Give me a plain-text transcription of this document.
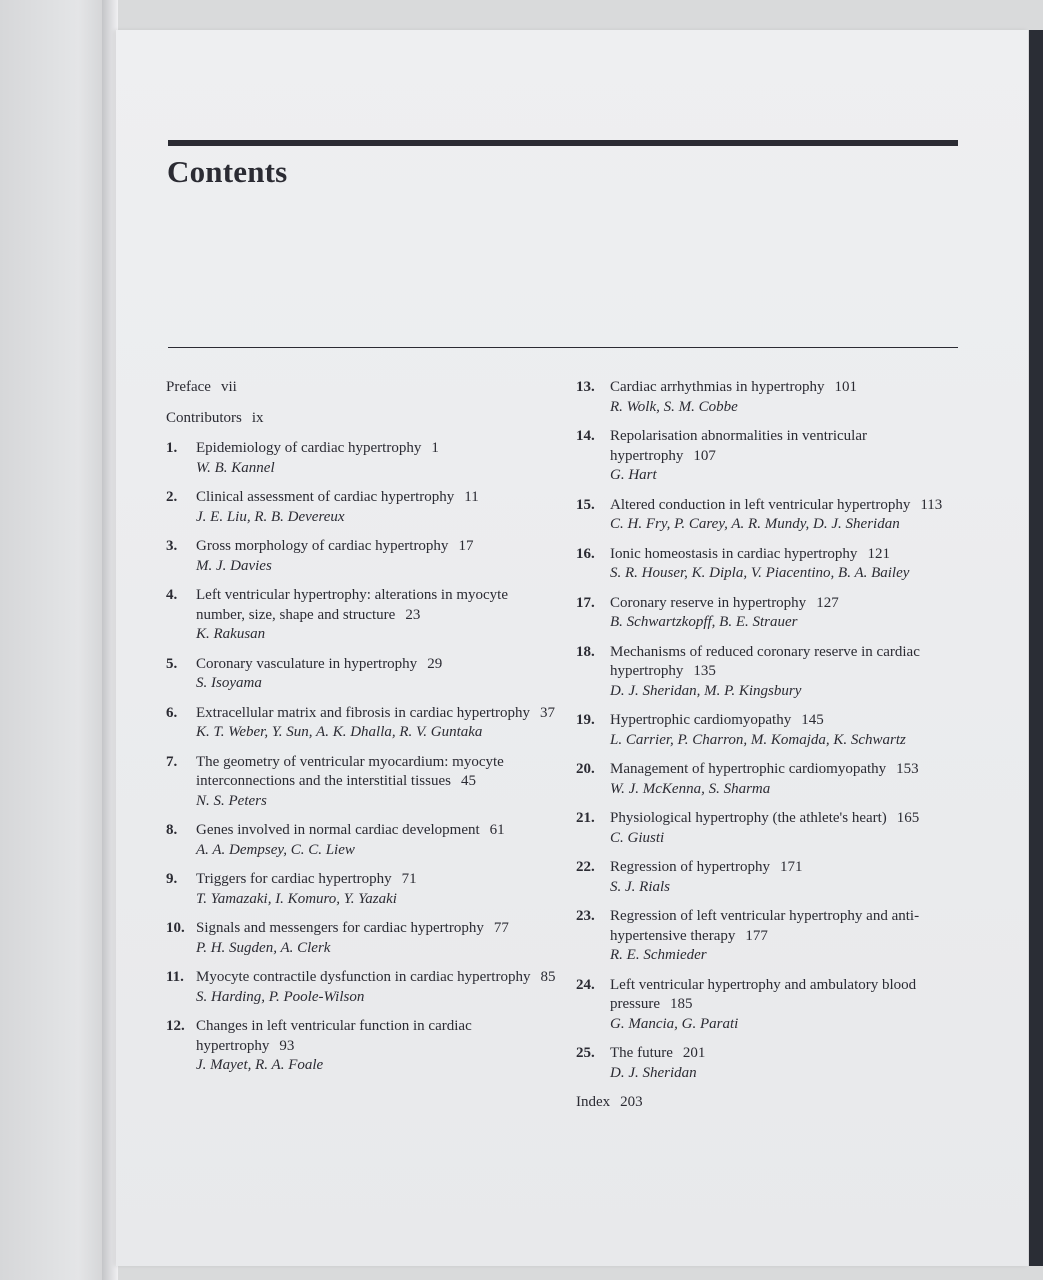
Contents
Preface vii
Contributors ix
1. Epidemiology of cardiac hypertrophy 1
W. B. Kannel
2. Clinical assessment of cardiac hypertrophy 11
J. E. Liu, R. B. Devereux
3. Gross morphology of cardiac hypertrophy 17
M. J. Davies
4. Left ventricular hypertrophy: alterations in myocyte number, size, shape and structure 23
K. Rakusan
5. Coronary vasculature in hypertrophy 29
S. Isoyama
6. Extracellular matrix and fibrosis in cardiac hypertrophy 37
K. T. Weber, Y. Sun, A. K. Dhalla, R. V. Guntaka
7. The geometry of ventricular myocardium: myocyte interconnections and the interstitial tissues 45
N. S. Peters
8. Genes involved in normal cardiac development 61
A. A. Dempsey, C. C. Liew
9. Triggers for cardiac hypertrophy 71
T. Yamazaki, I. Komuro, Y. Yazaki
10. Signals and messengers for cardiac hypertrophy 77
P. H. Sugden, A. Clerk
11. Myocyte contractile dysfunction in cardiac hypertrophy 85
S. Harding, P. Poole-Wilson
12. Changes in left ventricular function in cardiac hypertrophy 93
J. Mayet, R. A. Foale
13. Cardiac arrhythmias in hypertrophy 101
R. Wolk, S. M. Cobbe
14. Repolarisation abnormalities in ventricular hypertrophy 107
G. Hart
15. Altered conduction in left ventricular hypertrophy 113
C. H. Fry, P. Carey, A. R. Mundy, D. J. Sheridan
16. Ionic homeostasis in cardiac hypertrophy 121
S. R. Houser, K. Dipla, V. Piacentino, B. A. Bailey
17. Coronary reserve in hypertrophy 127
B. Schwartzkopff, B. E. Strauer
18. Mechanisms of reduced coronary reserve in cardiac hypertrophy 135
D. J. Sheridan, M. P. Kingsbury
19. Hypertrophic cardiomyopathy 145
L. Carrier, P. Charron, M. Komajda, K. Schwartz
20. Management of hypertrophic cardiomyopathy 153
W. J. McKenna, S. Sharma
21. Physiological hypertrophy (the athlete's heart) 165
C. Giusti
22. Regression of hypertrophy 171
S. J. Rials
23. Regression of left ventricular hypertrophy and anti-hypertensive therapy 177
R. E. Schmieder
24. Left ventricular hypertrophy and ambulatory blood pressure 185
G. Mancia, G. Parati
25. The future 201
D. J. Sheridan
Index 203
